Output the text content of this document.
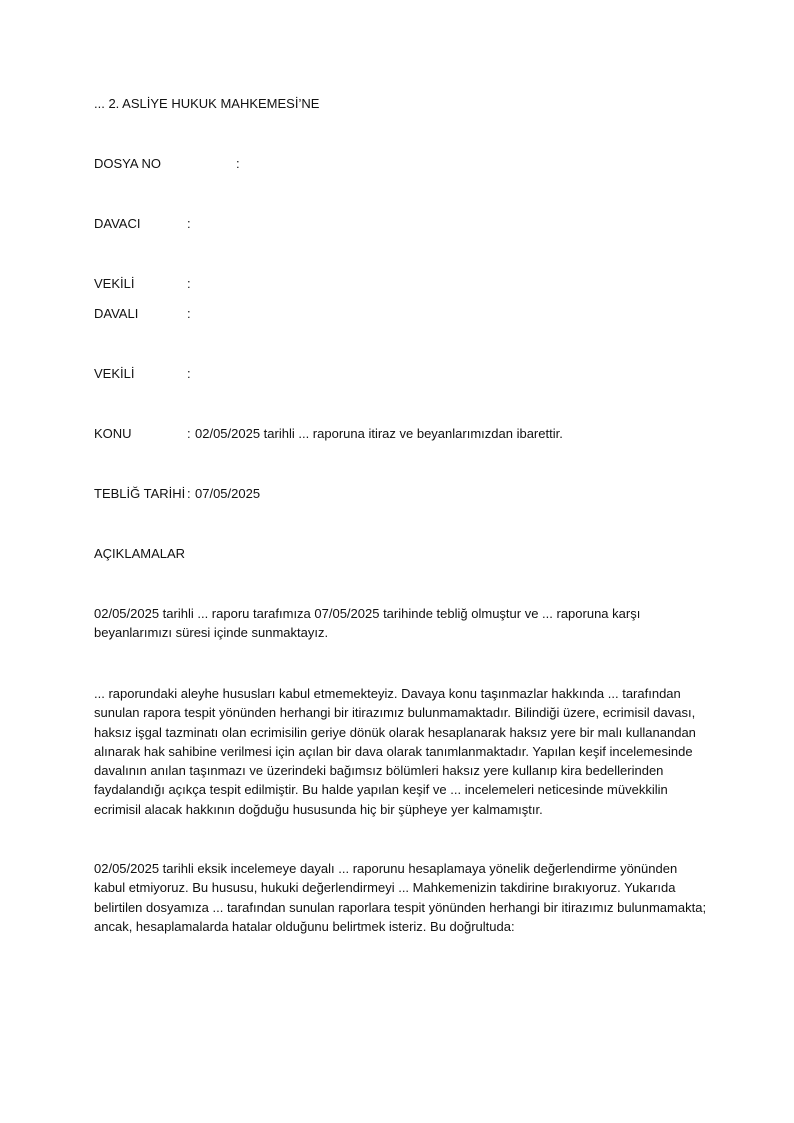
... 2. ASLİYE HUKUK MAHKEMESİ’NE
DOSYA NO	:
DAVACI	:
VEKİLİ	:
DAVALI	:
VEKİLİ	:
KONU	: 02/05/2025 tarihli ... raporuna itiraz ve beyanlarımızdan ibarettir.
TEBLİĞ TARİHİ : 07/05/2025
AÇIKLAMALAR

02/05/2025 tarihli ... raporu tarafımıza 07/05/2025 tarihinde tebliğ olmuştur ve ... raporuna karşı beyanlarımızı süresi içinde sunmaktayız.

... raporundaki aleyhe hususları kabul etmemekteyiz. Davaya konu taşınmazlar hakkında ... tarafından sunulan rapora tespit yönünden herhangi bir itirazımız bulunmamaktadır. Bilindiği üzere, ecrimisil davası, haksız işgal tazminatı olan ecrimisilin geriye dönük olarak hesaplanarak haksız yere bir malı kullanandan alınarak hak sahibine verilmesi için açılan bir dava olarak tanımlanmaktadır. Yapılan keşif incelemesinde davalının anılan taşınmazı ve üzerindeki bağımsız bölümleri haksız yere kullanıp kira bedellerinden faydalandığı açıkça tespit edilmiştir. Bu halde yapılan keşif ve ... incelemeleri neticesinde müvekkilin ecrimisil alacak hakkının doğduğu hususunda hiç bir şüpheye yer kalmamıştır.

02/05/2025 tarihli eksik incelemeye dayalı ... raporunu hesaplamaya yönelik değerlendirme yönünden kabul etmiyoruz. Bu hususu, hukuki değerlendirmeyi ... Mahkemenizin takdirine bırakıyoruz. Yukarıda belirtilen dosyamıza ... tarafından sunulan raporlara tespit yönünden herhangi bir itirazımız bulunmamakta; ancak, hesaplamalarda hatalar olduğunu belirtmek isteriz. Bu doğrultuda:
